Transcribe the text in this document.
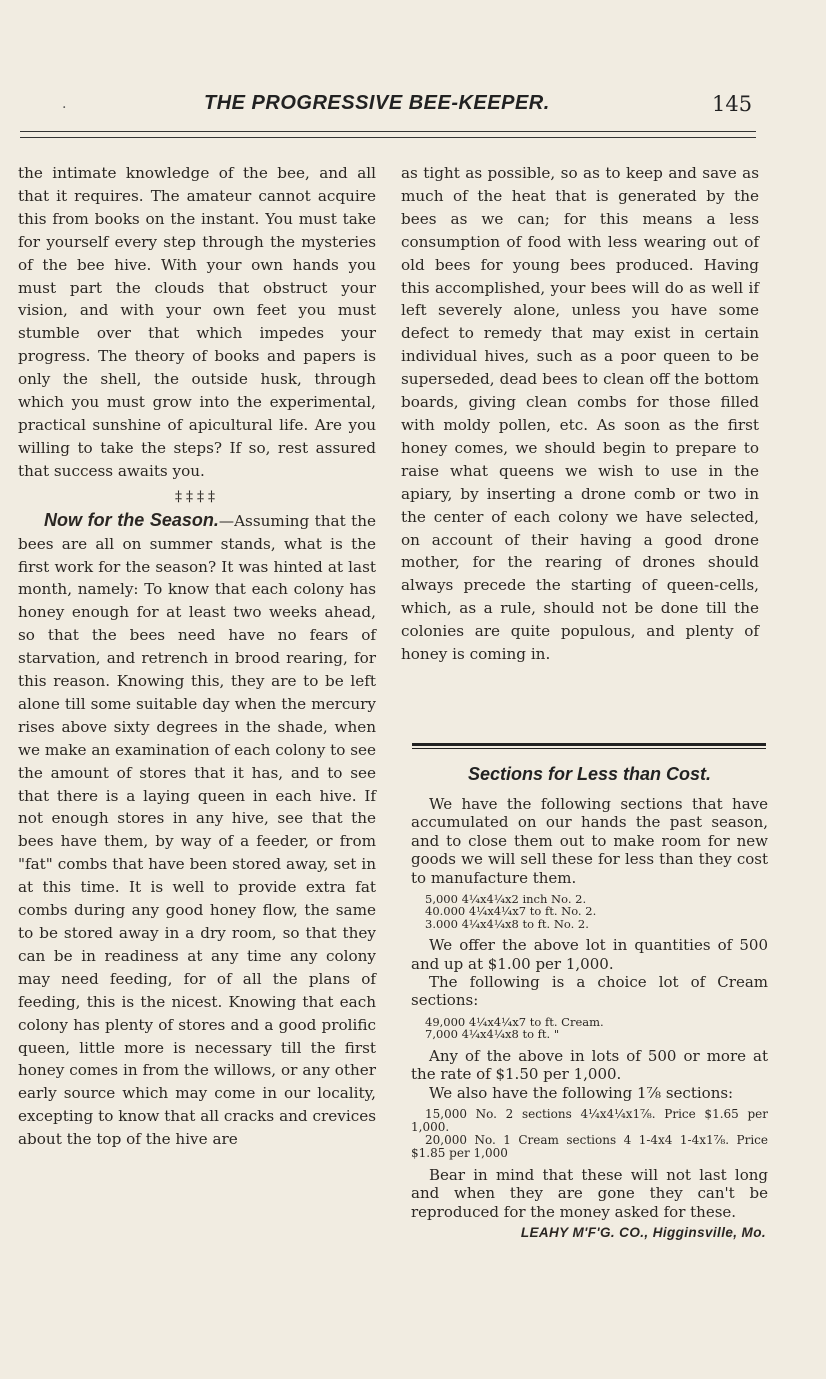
.	THE PROGRESSIVE BEE-KEEPER.	145

the intimate knowledge of the bee, and all that it requires. The amateur cannot acquire this from books on the instant. You must take for yourself every step through the mysteries of the bee hive. With your own hands you must part the clouds that obstruct your vision, and with your own feet you must stumble over that which impedes your progress. The theory of books and papers is only the shell, the outside husk, through which you must grow into the experimental, practical sunshine of apicultural life. Are you willing to take the steps? If so, rest assured that success awaits you.

‡‡‡‡

Now for the Season.—Assuming that the bees are all on summer stands, what is the first work for the season? It was hinted at last month, namely: To know that each colony has honey enough for at least two weeks ahead, so that the bees need have no fears of starvation, and retrench in brood rearing, for this reason. Knowing this, they are to be left alone till some suitable day when the mercury rises above sixty degrees in the shade, when we make an examination of each colony to see the amount of stores that it has, and to see that there is a laying queen in each hive. If not enough stores in any hive, see that the bees have them, by way of a feeder, or from "fat" combs that have been stored away, set in at this time. It is well to provide extra fat combs during any good honey flow, the same to be stored away in a dry room, so that they can be in readiness at any time any colony may need feeding, for of all the plans of feeding, this is the nicest. Knowing that each colony has plenty of stores and a good prolific queen, little more is necessary till the first honey comes in from the willows, or any other early source which may come in our locality, excepting to know that all cracks and crevices about the top of the hive are

as tight as possible, so as to keep and save as much of the heat that is generated by the bees as we can; for this means a less consumption of food with less wearing out of old bees for young bees produced. Having this accomplished, your bees will do as well if left severely alone, unless you have some defect to remedy that may exist in certain individual hives, such as a poor queen to be superseded, dead bees to clean off the bottom boards, giving clean combs for those filled with moldy pollen, etc. As soon as the first honey comes, we should begin to prepare to raise what queens we wish to use in the apiary, by inserting a drone comb or two in the center of each colony we have selected, on account of their having a good drone mother, for the rearing of drones should always precede the starting of queen-cells, which, as a rule, should not be done till the colonies are quite populous, and plenty of honey is coming in.

Sections for Less than Cost.

We have the following sections that have accumulated on our hands the past season, and to close them out to make room for new goods we will sell these for less than they cost to manufacture them.

5,000 4¼x4¼x2 inch No. 2.

40.000 4¼x4¼x7 to ft. No. 2.

3.000 4¼x4¼x8 to ft. No. 2.

We offer the above lot in quantities of 500 and up at $1.00 per 1,000.

The following is a choice lot of Cream sections:

49,000 4¼x4¼x7 to ft. Cream.

7,000 4¼x4¼x8 to ft. "

Any of the above in lots of 500 or more at the rate of $1.50 per 1,000.

We also have the following 1⅞ sections:

15,000 No. 2 sections 4¼x4¼x1⅞. Price $1.65 per 1,000.

20,000 No. 1 Cream sections 4 1-4x4 1-4x1⅞. Price $1.85 per 1,000

Bear in mind that these will not last long and when they are gone they can't be reproduced for the money asked for these.

LEAHY M'F'G. CO., Higginsville, Mo.
